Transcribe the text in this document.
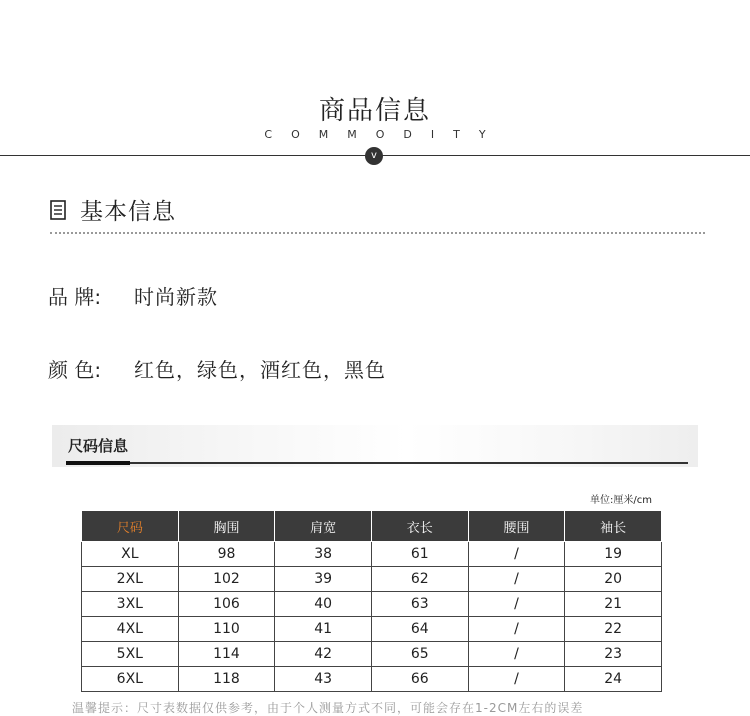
商品信息
COMMODITY
v
基本信息
品 牌:	时尚新款
颜 色:	红色，绿色，酒红色，黑色
尺码信息
单位:厘米/cm
尺码	胸围	肩宽	衣长	腰围	袖长
XL	98	38	61	/	19
2XL	102	39	62	/	20
3XL	106	40	63	/	21
4XL	110	41	64	/	22
5XL	114	42	65	/	23
6XL	118	43	66	/	24
温馨提示：尺寸表数据仅供参考，由于个人测量方式不同，可能会存在1-2CM左右的误差
